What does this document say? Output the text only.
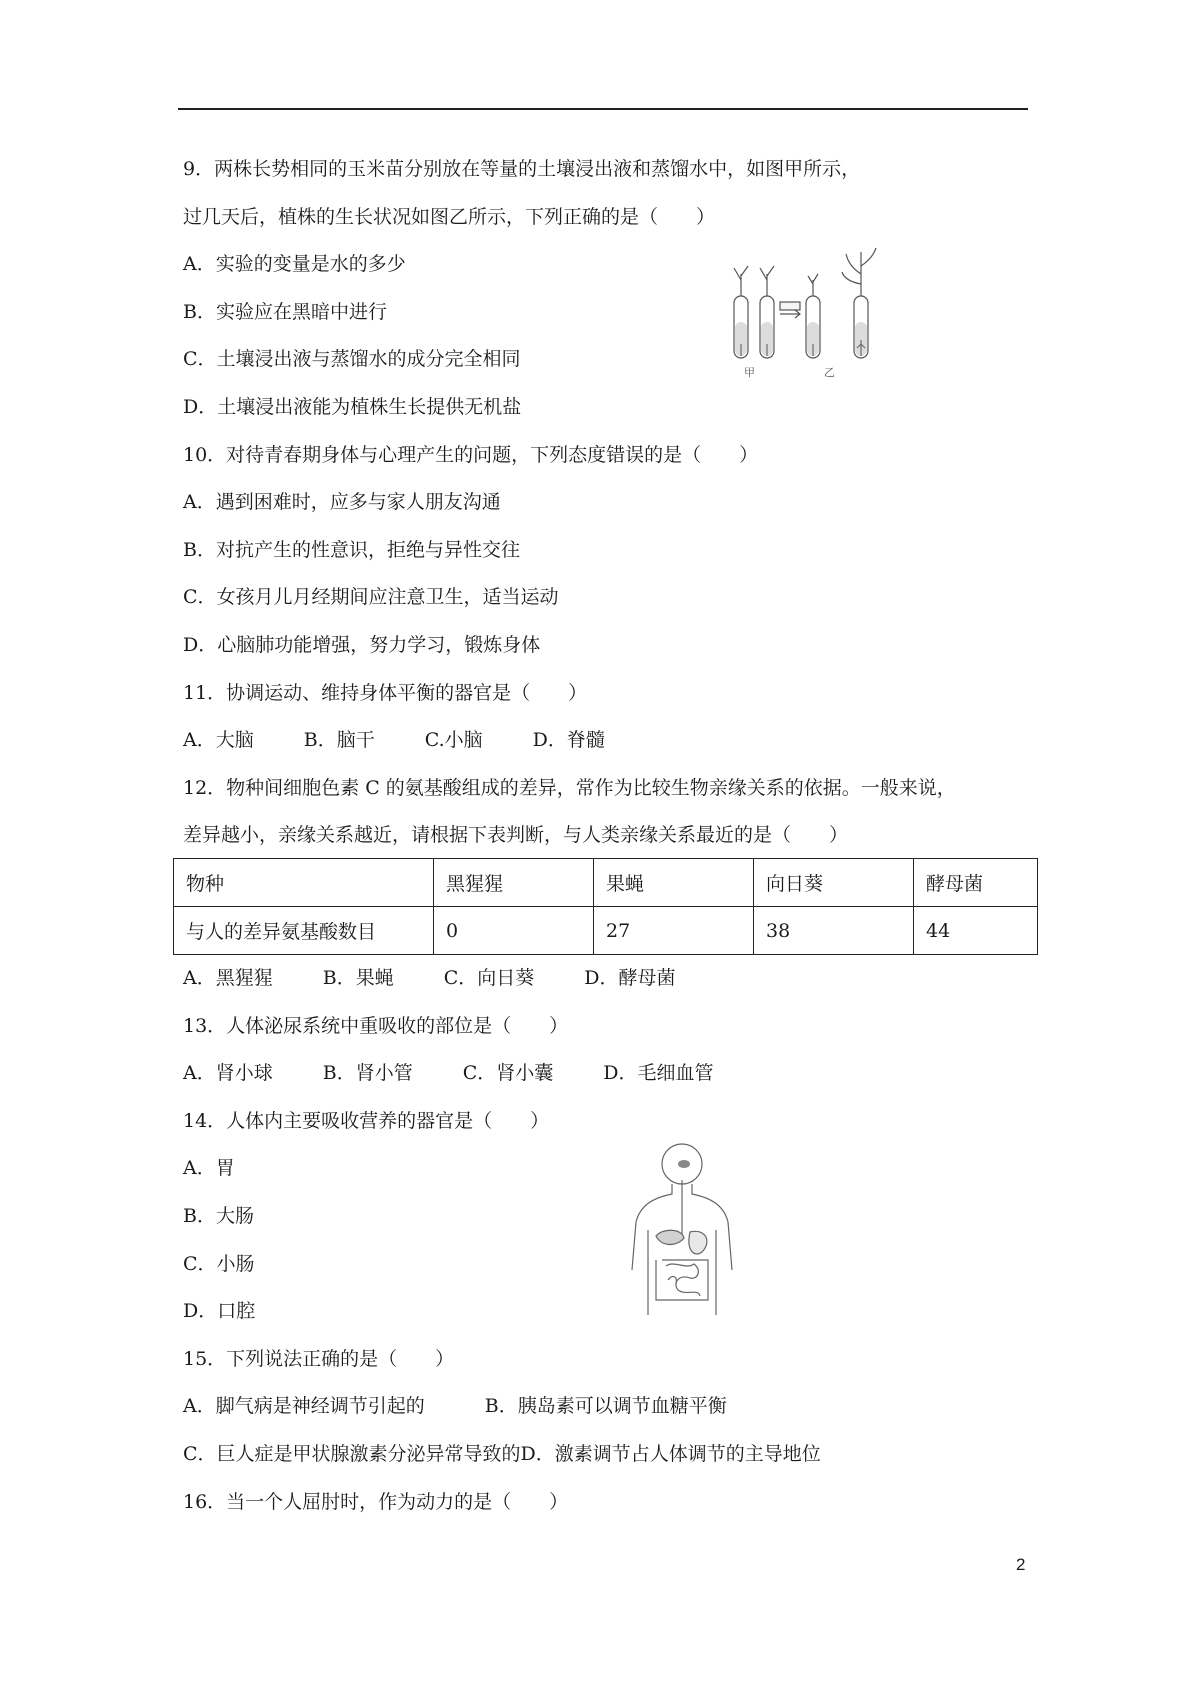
9．两株长势相同的玉米苗分别放在等量的土壤浸出液和蒸馏水中，如图甲所示，
过几天后，植株的生长状况如图乙所示，下列正确的是（　　）
A．实验的变量是水的多少
B．实验应在黑暗中进行
C．土壤浸出液与蒸馏水的成分完全相同
D．土壤浸出液能为植株生长提供无机盐
10．对待青春期身体与心理产生的问题，下列态度错误的是（　　）
A．遇到困难时，应多与家人朋友沟通
B．对抗产生的性意识，拒绝与异性交往
C．女孩月儿月经期间应注意卫生，适当运动
D．心脑肺功能增强，努力学习，锻炼身体
11．协调运动、维持身体平衡的器官是（　　）
A．大脑	B．脑干	C.小脑	D．脊髓
12．物种间细胞色素 C 的氨基酸组成的差异，常作为比较生物亲缘关系的依据。一般来说，
差异越小，亲缘关系越近，请根据下表判断，与人类亲缘关系最近的是（　　）
A．黑猩猩	B．果蝇	C．向日葵	D．酵母菌
13．人体泌尿系统中重吸收的部位是（　　）
A．肾小球	B．肾小管	C．肾小囊	D．毛细血管
14．人体内主要吸收营养的器官是（　　）
A．胃
B．大肠
C．小肠
D．口腔
15．下列说法正确的是（　　）
A．脚气病是神经调节引起的	B．胰岛素可以调节血糖平衡
C．巨人症是甲状腺激素分泌异常导致的D．激素调节占人体调节的主导地位
16．当一个人屈肘时，作为动力的是（　　）
物种	黑猩猩	果蝇	向日葵	酵母菌
与人的差异氨基酸数目	0	27	38	44
甲	乙
2
